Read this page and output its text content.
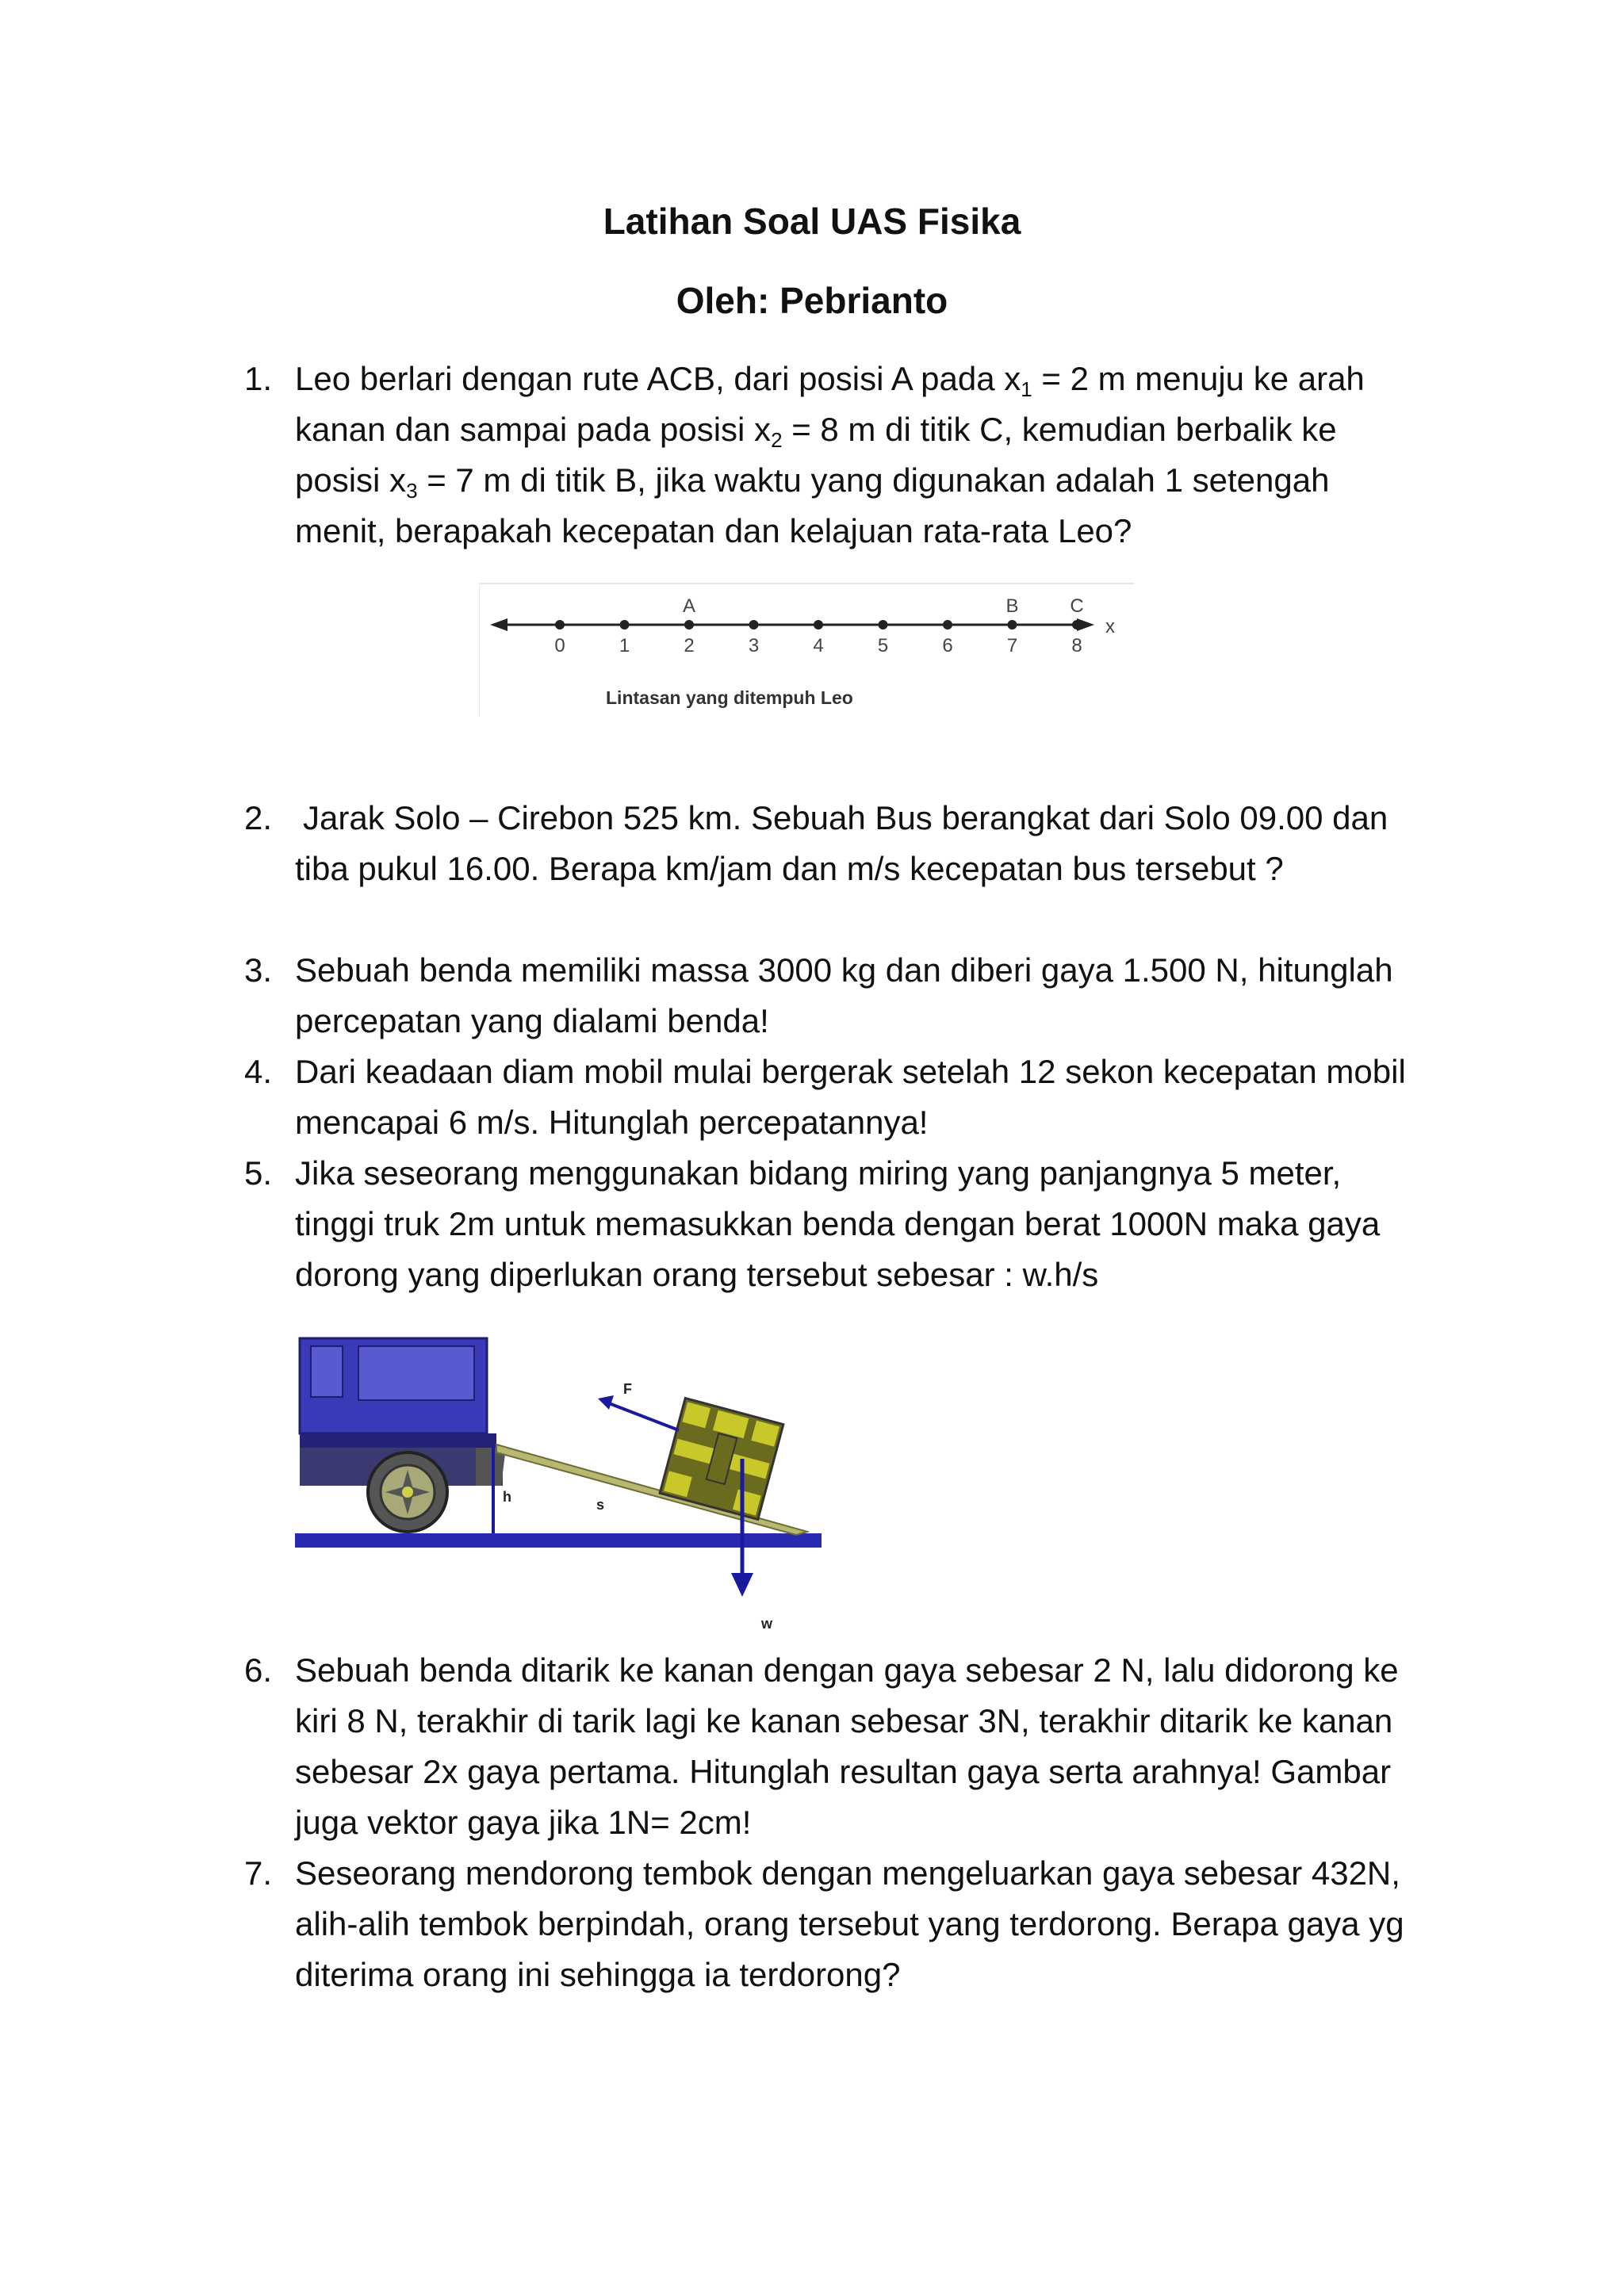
Latihan Soal UAS Fisika
Oleh: Pebrianto
1. Leo berlari dengan rute ACB, dari posisi A pada $x_1 = 2$ m menuju ke arah kanan dan sampai pada posisi $x_2 = 8$ m di titik C, kemudian berbalik ke posisi $x_3 = 7$ m di titik B, jika waktu yang digunakan adalah 1 setengah menit, berapakah kecepatan dan kelajuan rata-rata Leo?
x
0	1	2	3	4	5	6	7	8
A	B	C
Lintasan yang ditempuh Leo
2. Jarak Solo – Cirebon 525 km. Sebuah Bus berangkat dari Solo 09.00 dan tiba pukul 16.00. Berapa km/jam dan m/s kecepatan bus tersebut ?
3. Sebuah benda memiliki massa 3000 kg dan diberi gaya 1.500 N, hitunglah percepatan yang dialami benda!
4. Dari keadaan diam mobil mulai bergerak setelah 12 sekon kecepatan mobil mencapai 6 m/s. Hitunglah percepatannya!
5. Jika seseorang menggunakan bidang miring yang panjangnya 5 meter, tinggi truk 2m untuk memasukkan benda dengan berat 1000N maka gaya dorong yang diperlukan orang tersebut sebesar : w.h/s
h	s
F
w
6. Sebuah benda ditarik ke kanan dengan gaya sebesar 2 N, lalu didorong ke kiri 8 N, terakhir di tarik lagi ke kanan sebesar 3N, terakhir ditarik ke kanan sebesar 2x gaya pertama. Hitunglah resultan gaya serta arahnya! Gambar juga vektor gaya jika 1N= 2cm!
7. Seseorang mendorong tembok dengan mengeluarkan gaya sebesar 432N, alih-alih tembok berpindah, orang tersebut yang terdorong. Berapa gaya yg diterima orang ini sehingga ia terdorong?
